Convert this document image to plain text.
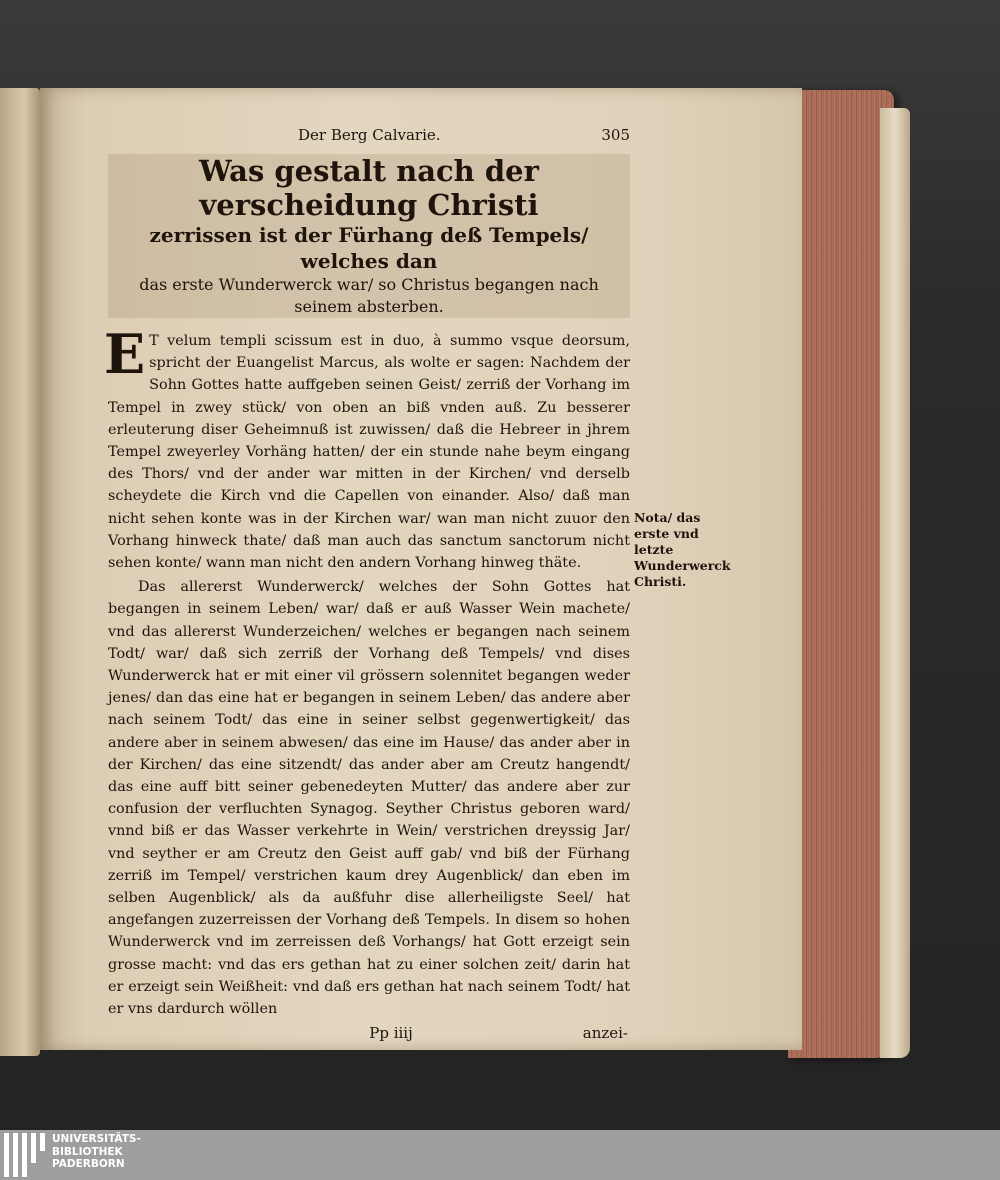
Der Berg Calvarie.	305
Was gestalt nach der verscheidung Christi
zerrissen ist der Fürhang deß Tempels/ welches dan
das erste Wunderwerck war/ so Christus begangen nach seinem absterben.

E T velum templi scissum est in duo, à summo vsque deorsum, spricht der Euangelist Marcus, als wolte er sagen: Nachdem der Sohn Gottes hatte auffgeben seinen Geist/ zerriß der Vorhang im Tempel in zwey stück/ von oben an biß vnden auß. Zu besserer erleuterung diser Geheimnuß ist zuwissen/ daß die Hebreer in jhrem Tempel zweyerley Vorhäng hatten/ der ein stunde nahe beym eingang des Thors/ vnd der ander war mitten in der Kirchen/ vnd derselb scheydete die Kirch vnd die Capellen von einander. Also/ daß man nicht sehen konte was in der Kirchen war/ wan man nicht zuuor den Vorhang hinweck thate/ daß man auch das sanctum sanctorum nicht sehen konte/ wann man nicht den andern Vorhang hinweg thäte.

Das allererst Wunderwerck/ welches der Sohn Gottes hat begangen in seinem Leben/ war/ daß er auß Wasser Wein machete/ vnd das allererst Wunderzeichen/ welches er begangen nach seinem Todt/ war/ daß sich zerriß der Vorhang deß Tempels/ vnd dises Wunderwerck hat er mit einer vil grössern solennitet begangen weder jenes/ dan das eine hat er begangen in seinem Leben/ das andere aber nach seinem Todt/ das eine in seiner selbst gegenwertigkeit/ das andere aber in seinem abwesen/ das eine im Hause/ das ander aber in der Kirchen/ das eine sitzendt/ das ander aber am Creutz hangendt/ das eine auff bitt seiner gebenedeyten Mutter/ das andere aber zur confusion der verfluchten Synagog. Seyther Christus geboren ward/ vnnd biß er das Wasser verkehrte in Wein/ verstrichen dreyssig Jar/ vnd seyther er am Creutz den Geist auff gab/ vnd biß der Fürhang zerriß im Tempel/ verstrichen kaum drey Augenblick/ dan eben im selben Augenblick/ als da außfuhr dise allerheiligste Seel/ hat angefangen zuzerreissen der Vorhang deß Tempels. In disem so hohen Wunderwerck vnd im zerreissen deß Vorhangs/ hat Gott erzeigt sein grosse macht: vnd das ers gethan hat zu einer solchen zeit/ darin hat er erzeigt sein Weißheit: vnd daß ers gethan hat nach seinem Todt/ hat er vns dardurch wöllen

Pp iiij	anzei-
Nota/ das erste vnd letzte Wunderwerck Christi.
UNIVERSITÄTS-
BIBLIOTHEK
PADERBORN
